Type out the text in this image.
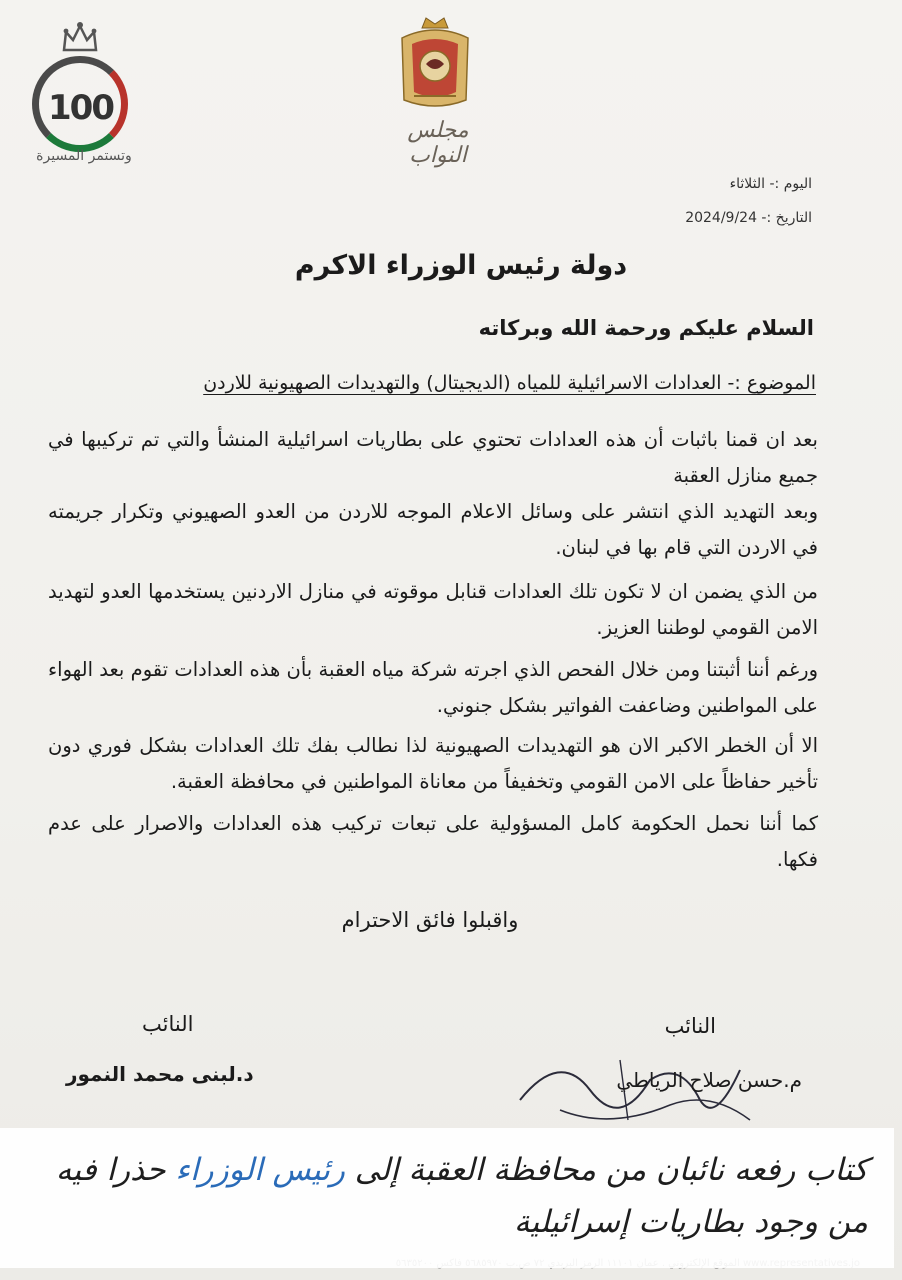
100
وتستمر المسيرة
مجلس النواب
اليوم :- الثلاثاء
التاريخ :- 2024/9/24
دولة رئيس الوزراء الاكرم
السلام عليكم ورحمة الله وبركاته
الموضوع :- العدادات الاسرائيلية للمياه (الديجيتال) والتهديدات الصهيونية للاردن
بعد ان قمنا باثبات أن هذه العدادات تحتوي على بطاريات اسرائيلية المنشأ والتي تم تركيبها في جميع منازل العقبة
وبعد التهديد الذي انتشر على وسائل الاعلام الموجه للاردن من العدو الصهيوني وتكرار جريمته في الاردن التي قام بها في لبنان.
من الذي يضمن ان لا تكون تلك العدادات قنابل موقوته في منازل الاردنين يستخدمها العدو لتهديد الامن القومي لوطننا العزيز.
ورغم أننا أثبتنا ومن خلال الفحص الذي اجرته شركة مياه العقبة بأن هذه العدادات تقوم بعد الهواء على المواطنين وضاعفت الفواتير بشكل جنوني.
الا أن الخطر الاكبر الان هو التهديدات الصهيونية لذا نطالب بفك تلك العدادات بشكل فوري دون تأخير حفاظاً على الامن القومي وتخفيفاً من معاناة المواطنين في محافظة العقبة.
كما أننا نحمل الحكومة كامل المسؤولية على تبعات تركيب هذه العدادات والاصرار على عدم فكها.
واقبلوا فائق الاحترام
النائب
النائب
م.حسن صلاح الرياطي
د.لبنى محمد النمور
كتاب رفعه نائبان من محافظة العقبة إلى رئيس الوزراء حذرا فيه من وجود بطاريات إسرائيلية
